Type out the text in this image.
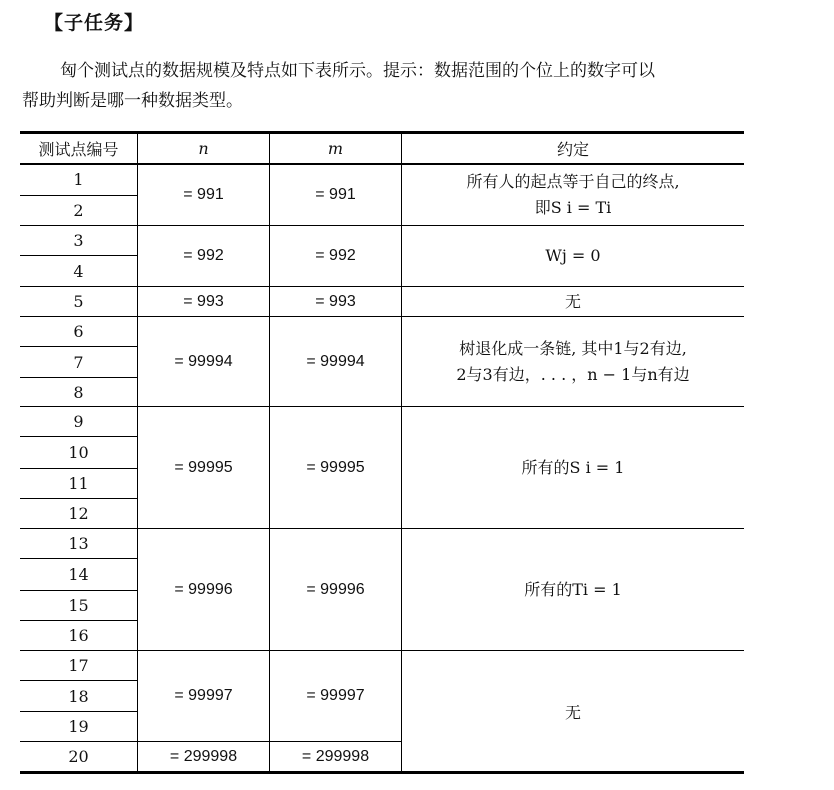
【子任务】
匈个测试点的数据规模及特点如下表所示。提示：数据范围的个位上的数字可以
帮助判断是哪一种数据类型。
测试点编号	n	m	约定
1	= 991	= 991	所有人的起点等于自己的终点,
即S i = Ti

2			
3	= 992	= 992	Wj = 0

4			
5	= 993	= 993	无

6	= 99994	= 99994	树退化成一条链, 其中1与2有边,
2与3有边，. . . ，n − 1与n有边

7			
8			
9	= 99995	= 99995	所有的S i = 1

10			
11			
12			
13	= 99996	= 99996	所有的Ti = 1

14			
15			
16			
17	= 99997	= 99997	无
18			
19			
20	= 299998	= 299998	
